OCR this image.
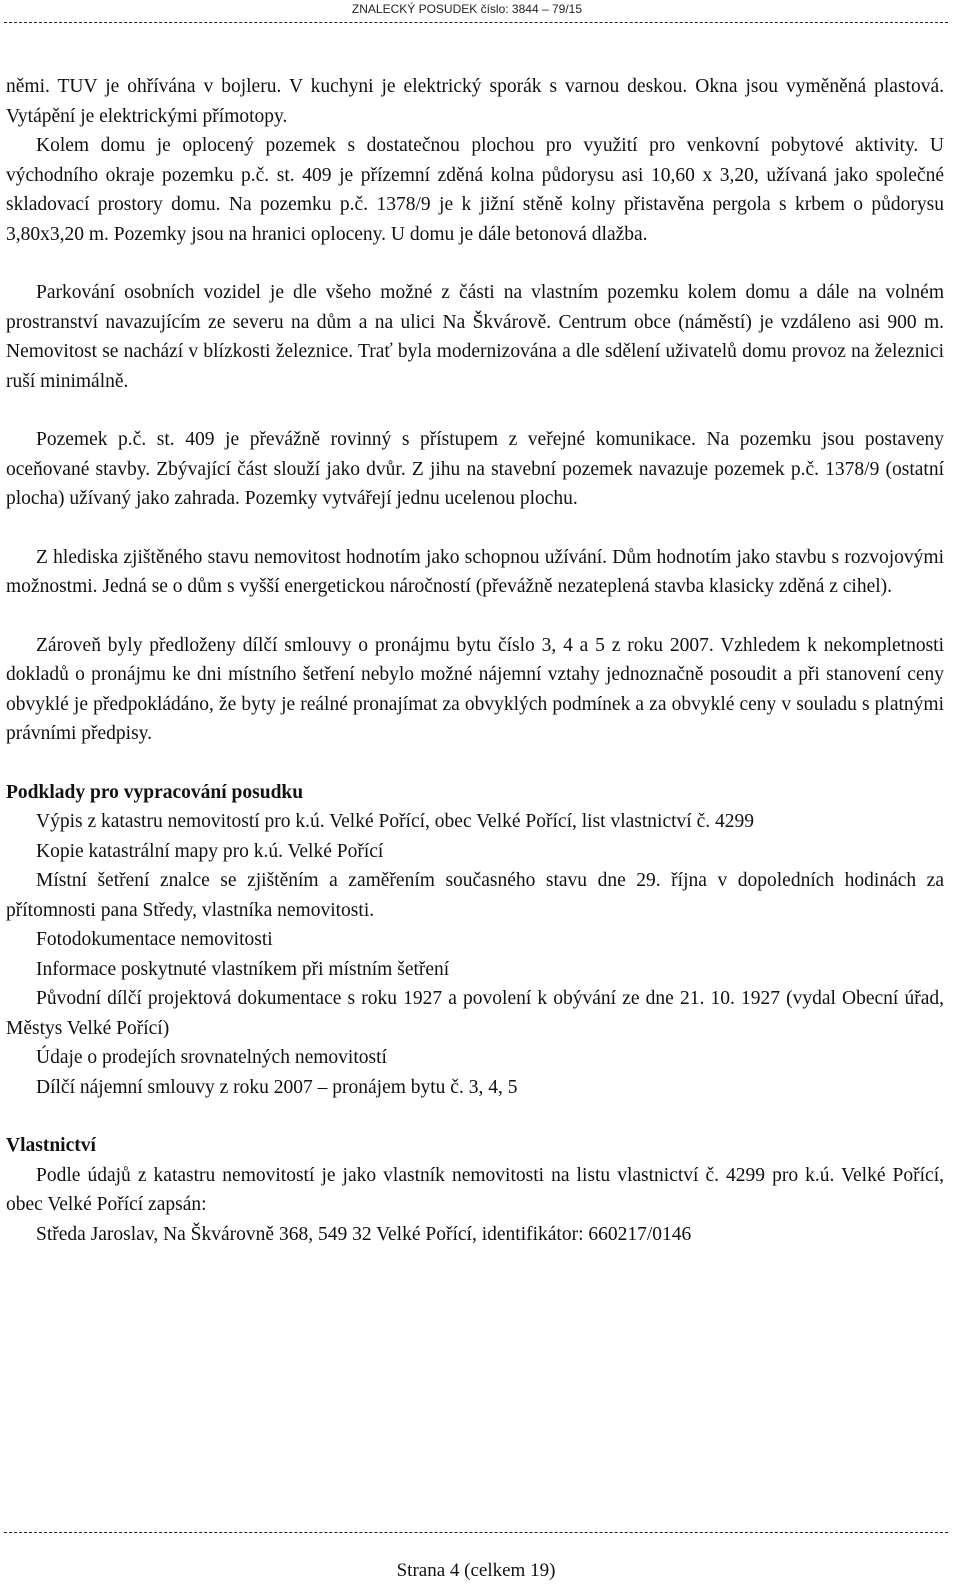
ZNALECKÝ POSUDEK číslo: 3844 – 79/15

němi. TUV je ohřívána v bojleru. V kuchyni je elektrický sporák s varnou deskou. Okna jsou vyměněná plastová. Vytápění je elektrickými přímotopy.

Kolem domu je oplocený pozemek s dostatečnou plochou pro využití pro venkovní pobytové aktivity. U východního okraje pozemku p.č. st. 409 je přízemní zděná kolna půdorysu asi 10,60 x 3,20, užívaná jako společné skladovací prostory domu. Na pozemku p.č. 1378/9 je k jižní stěně kolny přistavěna pergola s krbem o půdorysu 3,80x3,20 m. Pozemky jsou na hranici oploceny. U domu je dále betonová dlažba.

Parkování osobních vozidel je dle všeho možné z části na vlastním pozemku kolem domu a dále na volném prostranství navazujícím ze severu na dům a na ulici Na Škvárově. Centrum obce (náměstí) je vzdáleno asi 900 m. Nemovitost se nachází v blízkosti železnice. Trať byla modernizována a dle sdělení uživatelů domu provoz na železnici ruší minimálně.

Pozemek p.č. st. 409 je převážně rovinný s přístupem z veřejné komunikace. Na pozemku jsou postaveny oceňované stavby. Zbývající část slouží jako dvůr. Z jihu na stavební pozemek navazuje pozemek p.č. 1378/9 (ostatní plocha) užívaný jako zahrada. Pozemky vytvářejí jednu ucelenou plochu.

Z hlediska zjištěného stavu nemovitost hodnotím jako schopnou užívání. Dům hodnotím jako stavbu s rozvojovými možnostmi. Jedná se o dům s vyšší energetickou náročností (převážně nezateplená stavba klasicky zděná z cihel).

Zároveň byly předloženy dílčí smlouvy o pronájmu bytu číslo 3, 4 a 5 z roku 2007. Vzhledem k nekompletnosti dokladů o pronájmu ke dni místního šetření nebylo možné nájemní vztahy jednoznačně posoudit a při stanovení ceny obvyklé je předpokládáno, že byty je reálné pronajímat za obvyklých podmínek a za obvyklé ceny v souladu s platnými právními předpisy.

Podklady pro vypracování posudku

Výpis z katastru nemovitostí pro k.ú. Velké Pořící, obec Velké Pořící, list vlastnictví č. 4299

Kopie katastrální mapy pro k.ú. Velké Pořící

Místní šetření znalce se zjištěním a zaměřením současného stavu dne 29. října v dopoledních hodinách za přítomnosti pana Středy, vlastníka nemovitosti.

Fotodokumentace nemovitosti

Informace poskytnuté vlastníkem při místním šetření

Původní dílčí projektová dokumentace s roku 1927 a povolení k obývání ze dne 21. 10. 1927 (vydal Obecní úřad, Městys Velké Pořící)

Údaje o prodejích srovnatelných nemovitostí

Dílčí nájemní smlouvy z roku 2007 – pronájem bytu č. 3, 4, 5

Vlastnictví

Podle údajů z katastru nemovitostí je jako vlastník nemovitosti na listu vlastnictví č. 4299 pro k.ú. Velké Pořící, obec Velké Pořící zapsán:

Středa Jaroslav, Na Škvárovně 368, 549 32 Velké Pořící, identifikátor: 660217/0146

Strana 4 (celkem 19)
